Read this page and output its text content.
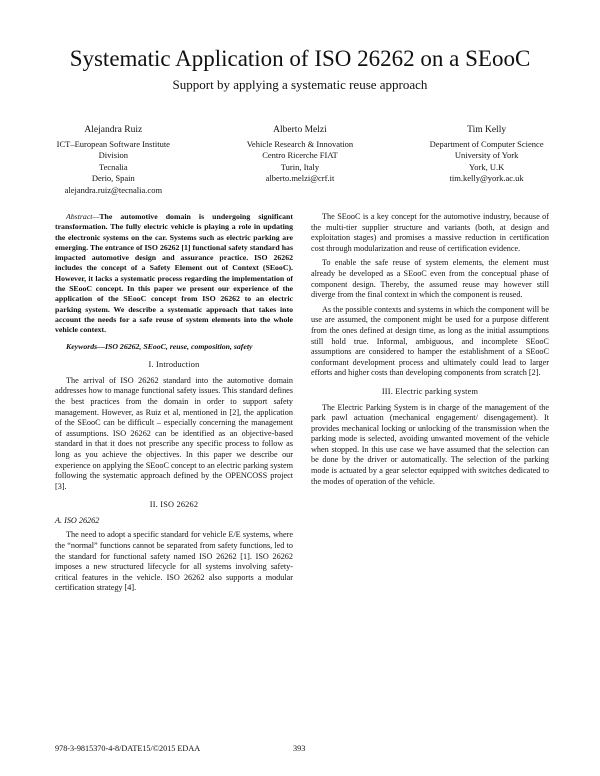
Systematic Application of ISO 26262 on a SEooC
Support by applying a systematic reuse approach
Alejandra Ruiz
ICT–European Software Institute
Division
Tecnalia
Derio, Spain
alejandra.ruiz@tecnalia.com
Alberto Melzi
Vehicle Research & Innovation
Centro Ricerche FIAT
Turin, Italy
alberto.melzi@crf.it
Tim Kelly
Department of Computer Science
University of York
York, U.K
tim.kelly@york.ac.uk

Abstract—The automotive domain is undergoing significant transformation. The fully electric vehicle is playing a role in updating the electronic systems on the car. Systems such as electric parking are emerging. The entrance of ISO 26262 [1] functional safety standard has impacted automotive design and assurance practice. ISO 26262 includes the concept of a Safety Element out of Context (SEooC). However, it lacks a systematic process regarding the implementation of the SEooC concept. In this paper we present our experience of the application of the SEooC concept from ISO 26262 to an electric parking system. We describe a systematic approach that takes into account the needs for a safe reuse of system elements into the whole vehicle context.

Keywords—ISO 26262, SEooC, reuse, composition, safety

I. Introduction

The arrival of ISO 26262 standard into the automotive domain addresses how to manage functional safety issues. This standard defines the best practices from the domain in order to support safety management. However, as Ruiz et al, mentioned in [2], the application of the SEooC can be difficult – especially concerning the management of assumptions. ISO 26262 can be identified as an objective-based standard in that it does not prescribe any specific process to follow as long as you achieve the objectives. In this paper we describe our experience on applying the SEooC concept to an electric parking system following the systematic approach defined by the OPENCOSS project [3].

II. ISO 26262
A. ISO 26262

The need to adopt a specific standard for vehicle E/E systems, where the “normal” functions cannot be separated from safety functions, led to the standard for functional safety named ISO 26262 [1]. ISO 26262 imposes a new structured lifecycle for all systems involving safety-critical features in the vehicle. ISO 26262 also supports a modular certification strategy [4].

The SEooC is a key concept for the automotive industry, because of the multi-tier supplier structure and variants (both, at design and exploitation stages) and promises a massive reduction in certification cost through modularization and reuse of certification evidence.

To enable the safe reuse of system elements, the element must already be developed as a SEooC even from the conceptual phase of component design. Thereby, the assumed reuse may however still diverge from the final context in which the component is reused.

As the possible contexts and systems in which the component will be use are assumed, the component might be used for a purpose different from the ones defined at design time, as long as the initial assumptions still hold true. Informal, ambiguous, and incomplete SEooC assumptions are considered to hamper the establishment of a SEooC conformant development process and ultimately could lead to larger efforts and higher costs than developing components from scratch [2].

III. Electric parking system

The Electric Parking System is in charge of the management of the park pawl actuation (mechanical engagement/ disengagement). It provides mechanical locking or unlocking of the transmission when the parking mode is selected, avoiding unwanted movement of the vehicle when stopped. In this use case we have assumed that the selection can be done by the driver or automatically. The selection of the parking mode is actuated by a gear selector equipped with switches dedicated to the modes of operation of the vehicle.

978-3-9815370-4-8/DATE15/©2015 EDAA	393
